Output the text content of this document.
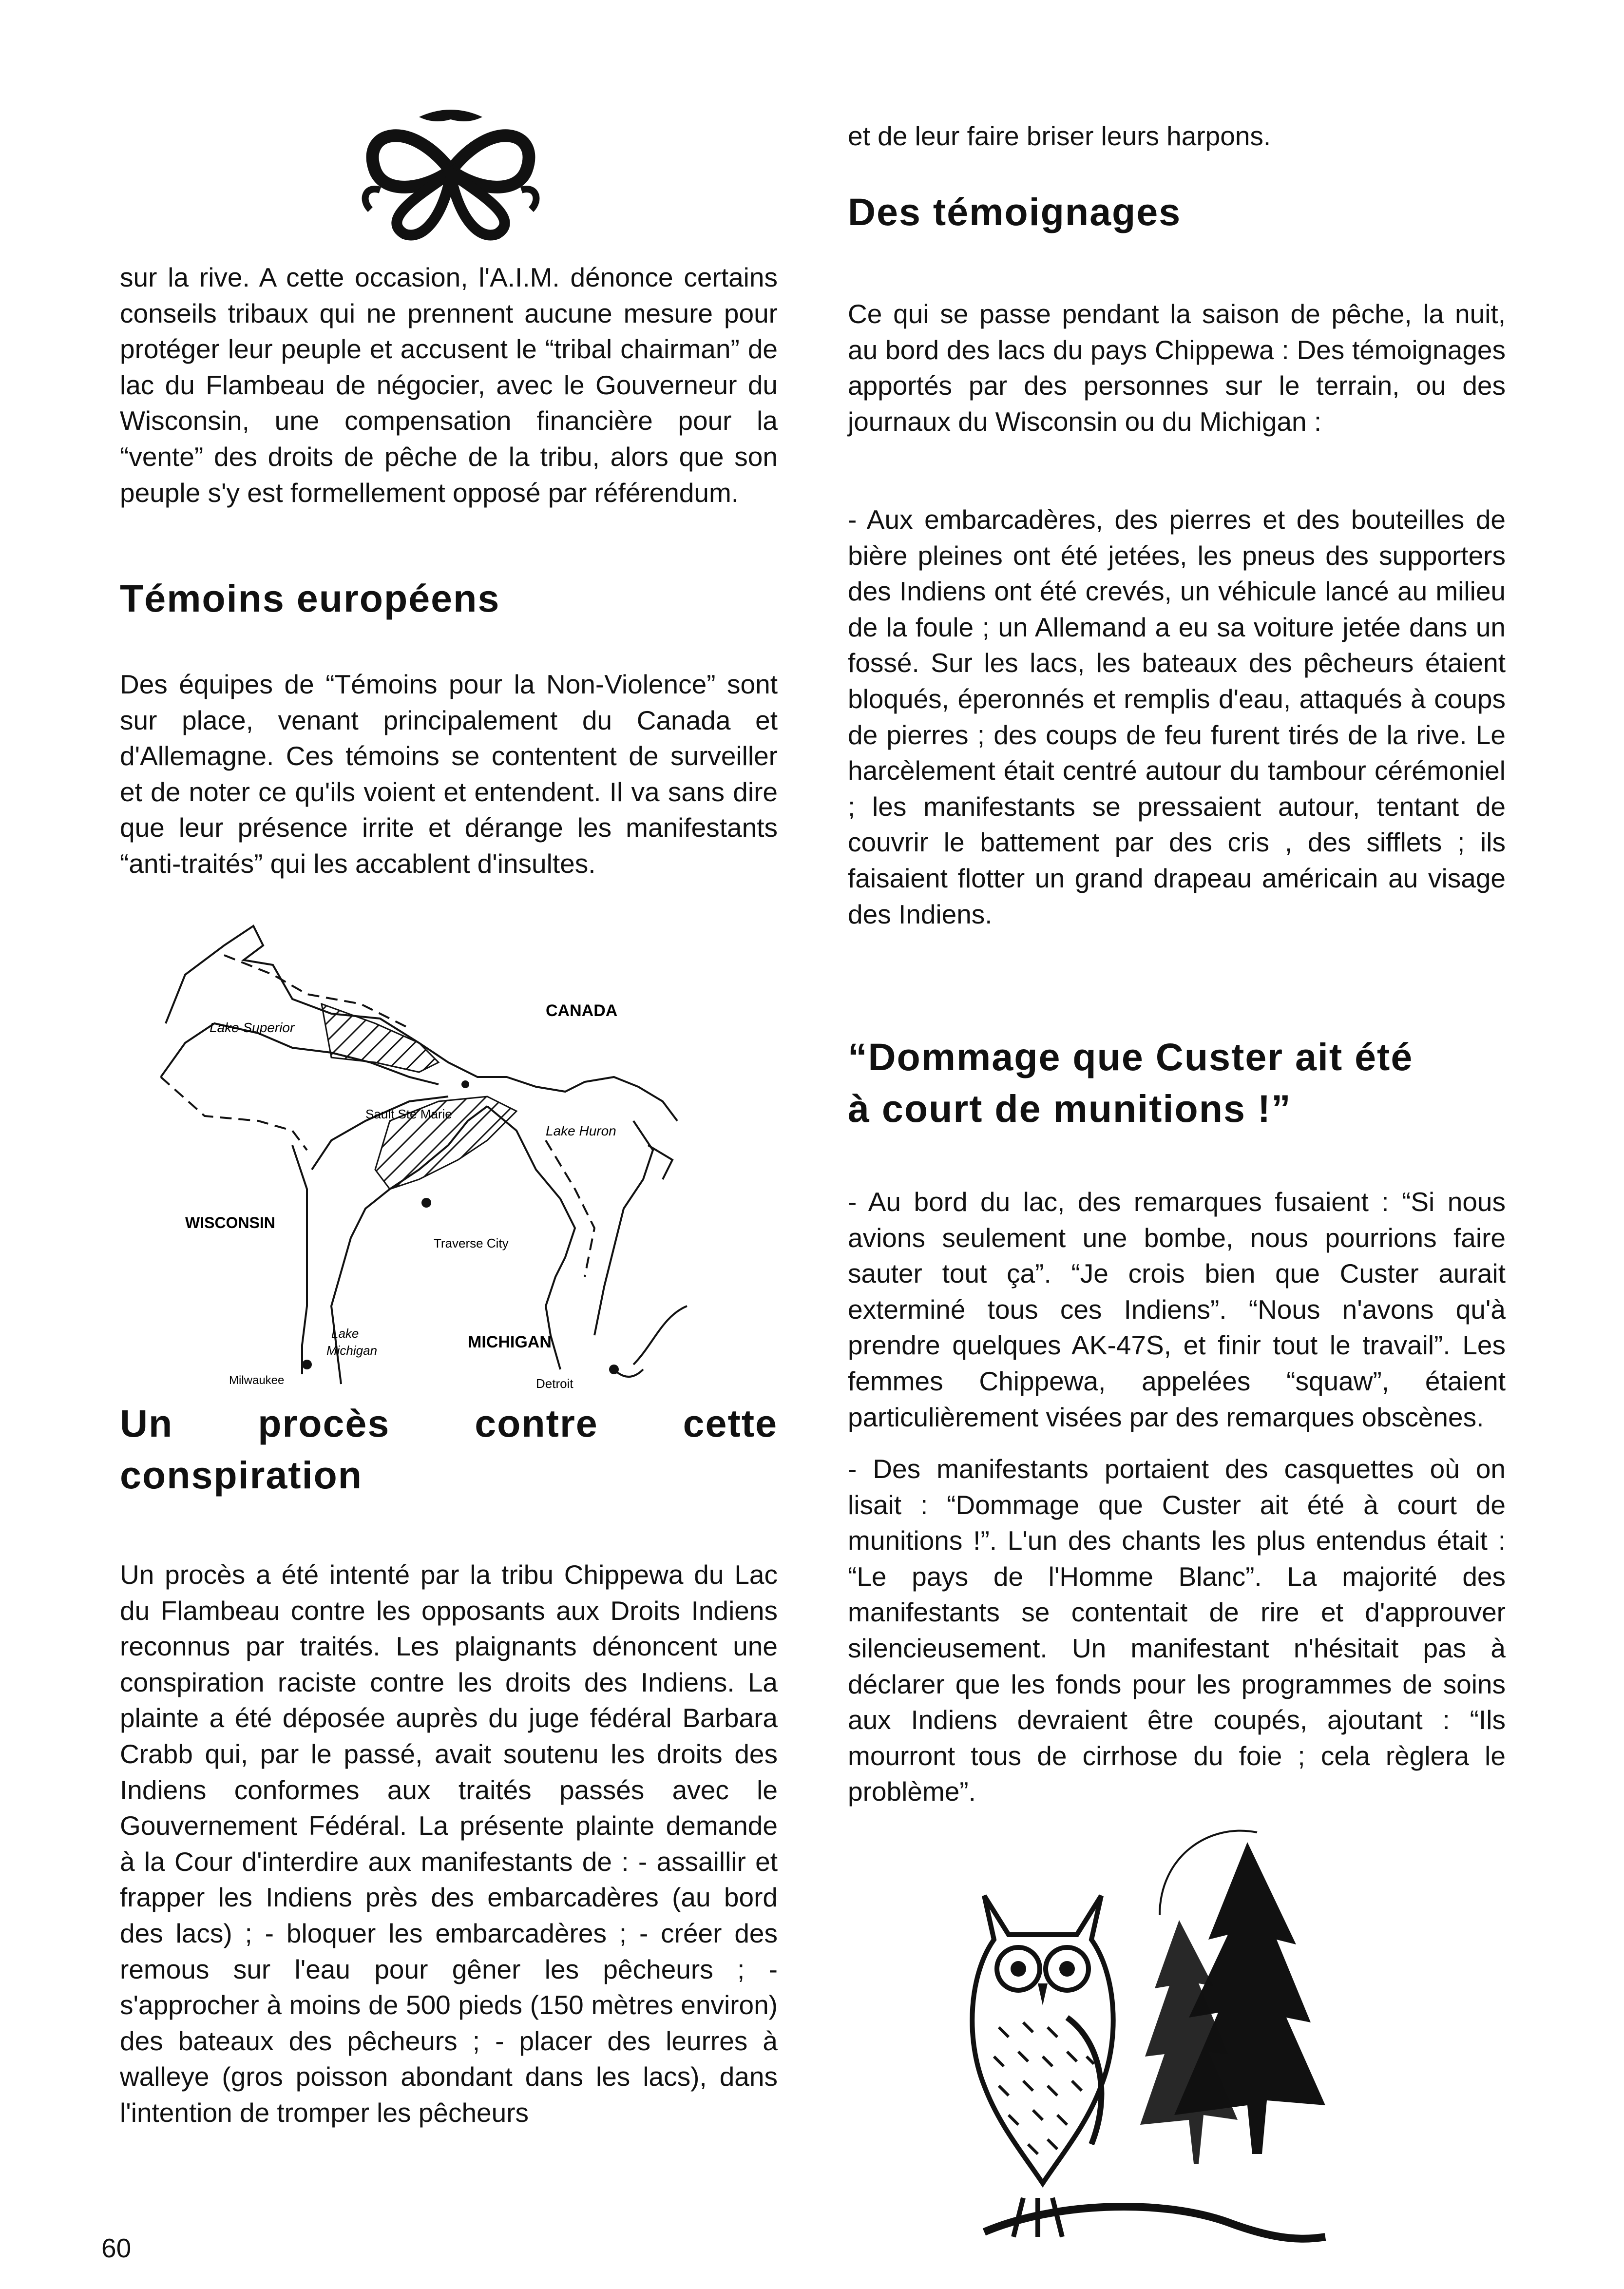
sur la rive. A cette occasion, l'A.I.M. dénonce certains conseils tribaux qui ne prennent aucune mesure pour protéger leur peuple et accusent le “tribal chairman” de lac du Flambeau de négocier, avec le Gouverneur du Wisconsin, une compensation financière pour la “vente” des droits de pêche de la tribu, alors que son peuple s'y est formellement opposé par référendum.

Témoins européens

Des équipes de “Témoins pour la Non-Violence” sont sur place, venant principalement du Canada et d'Allemagne. Ces témoins se contentent de surveiller et de noter ce qu'ils voient et entendent. Il va sans dire que leur présence irrite et dérange les manifestants “anti-traités” qui les accablent d'insultes.

CANADA
Lake Superior
Sault Ste Marie
Lake Huron
WISCONSIN
Traverse City
Lake
Michigan	MICHIGAN
Milwaukee	Detroit
Un procès contre cette
conspiration

Un procès a été intenté par la tribu Chippewa du Lac du Flambeau contre les opposants aux Droits Indiens reconnus par traités. Les plaignants dénoncent une conspiration raciste contre les droits des Indiens. La plainte a été déposée auprès du juge fédéral Barbara Crabb qui, par le passé, avait soutenu les droits des Indiens conformes aux traités passés avec le Gouvernement Fédéral. La présente plainte demande à la Cour d'interdire aux manifestants de : - assaillir et frapper les Indiens près des embarcadères (au bord des lacs) ; - bloquer les embarcadères ; - créer des remous sur l'eau pour gêner les pêcheurs ; - s'approcher à moins de 500 pieds (150 mètres environ) des bateaux des pêcheurs ; - placer des leurres à walleye (gros poisson abondant dans les lacs), dans l'intention de tromper les pêcheurs

60

et de leur faire briser leurs harpons.

Des témoignages

Ce qui se passe pendant la saison de pêche, la nuit, au bord des lacs du pays Chippewa : Des témoignages apportés par des personnes sur le terrain, ou des journaux du Wisconsin ou du Michigan :

- Aux embarcadères, des pierres et des bouteilles de bière pleines ont été jetées, les pneus des supporters des Indiens ont été crevés, un véhicule lancé au milieu de la foule ; un Allemand a eu sa voiture jetée dans un fossé. Sur les lacs, les bateaux des pêcheurs étaient bloqués, éperonnés et remplis d'eau, attaqués à coups de pierres ; des coups de feu furent tirés de la rive. Le harcèlement était centré autour du tambour cérémoniel ; les manifestants se pressaient autour, tentant de couvrir le battement par des cris , des sifflets ; ils faisaient flotter un grand drapeau américain au visage des Indiens.

“Dommage que Custer ait été
à court de munitions !”

- Au bord du lac, des remarques fusaient : “Si nous avions seulement une bombe, nous pourrions faire sauter tout ça”. “Je crois bien que Custer aurait exterminé tous ces Indiens”. “Nous n'avons qu'à prendre quelques AK-47S, et finir tout le travail”. Les femmes Chippewa, appelées “squaw”, étaient particulièrement visées par des remarques obscènes.

- Des manifestants portaient des casquettes où on lisait : “Dommage que Custer ait été à court de munitions !”. L'un des chants les plus entendus était : “Le pays de l'Homme Blanc”. La majorité des manifestants se contentait de rire et d'approuver silencieusement. Un manifestant n'hésitait pas à déclarer que les fonds pour les programmes de soins aux Indiens devraient être coupés, ajoutant : “Ils mourront tous de cirrhose du foie ; cela règlera le problème”.
